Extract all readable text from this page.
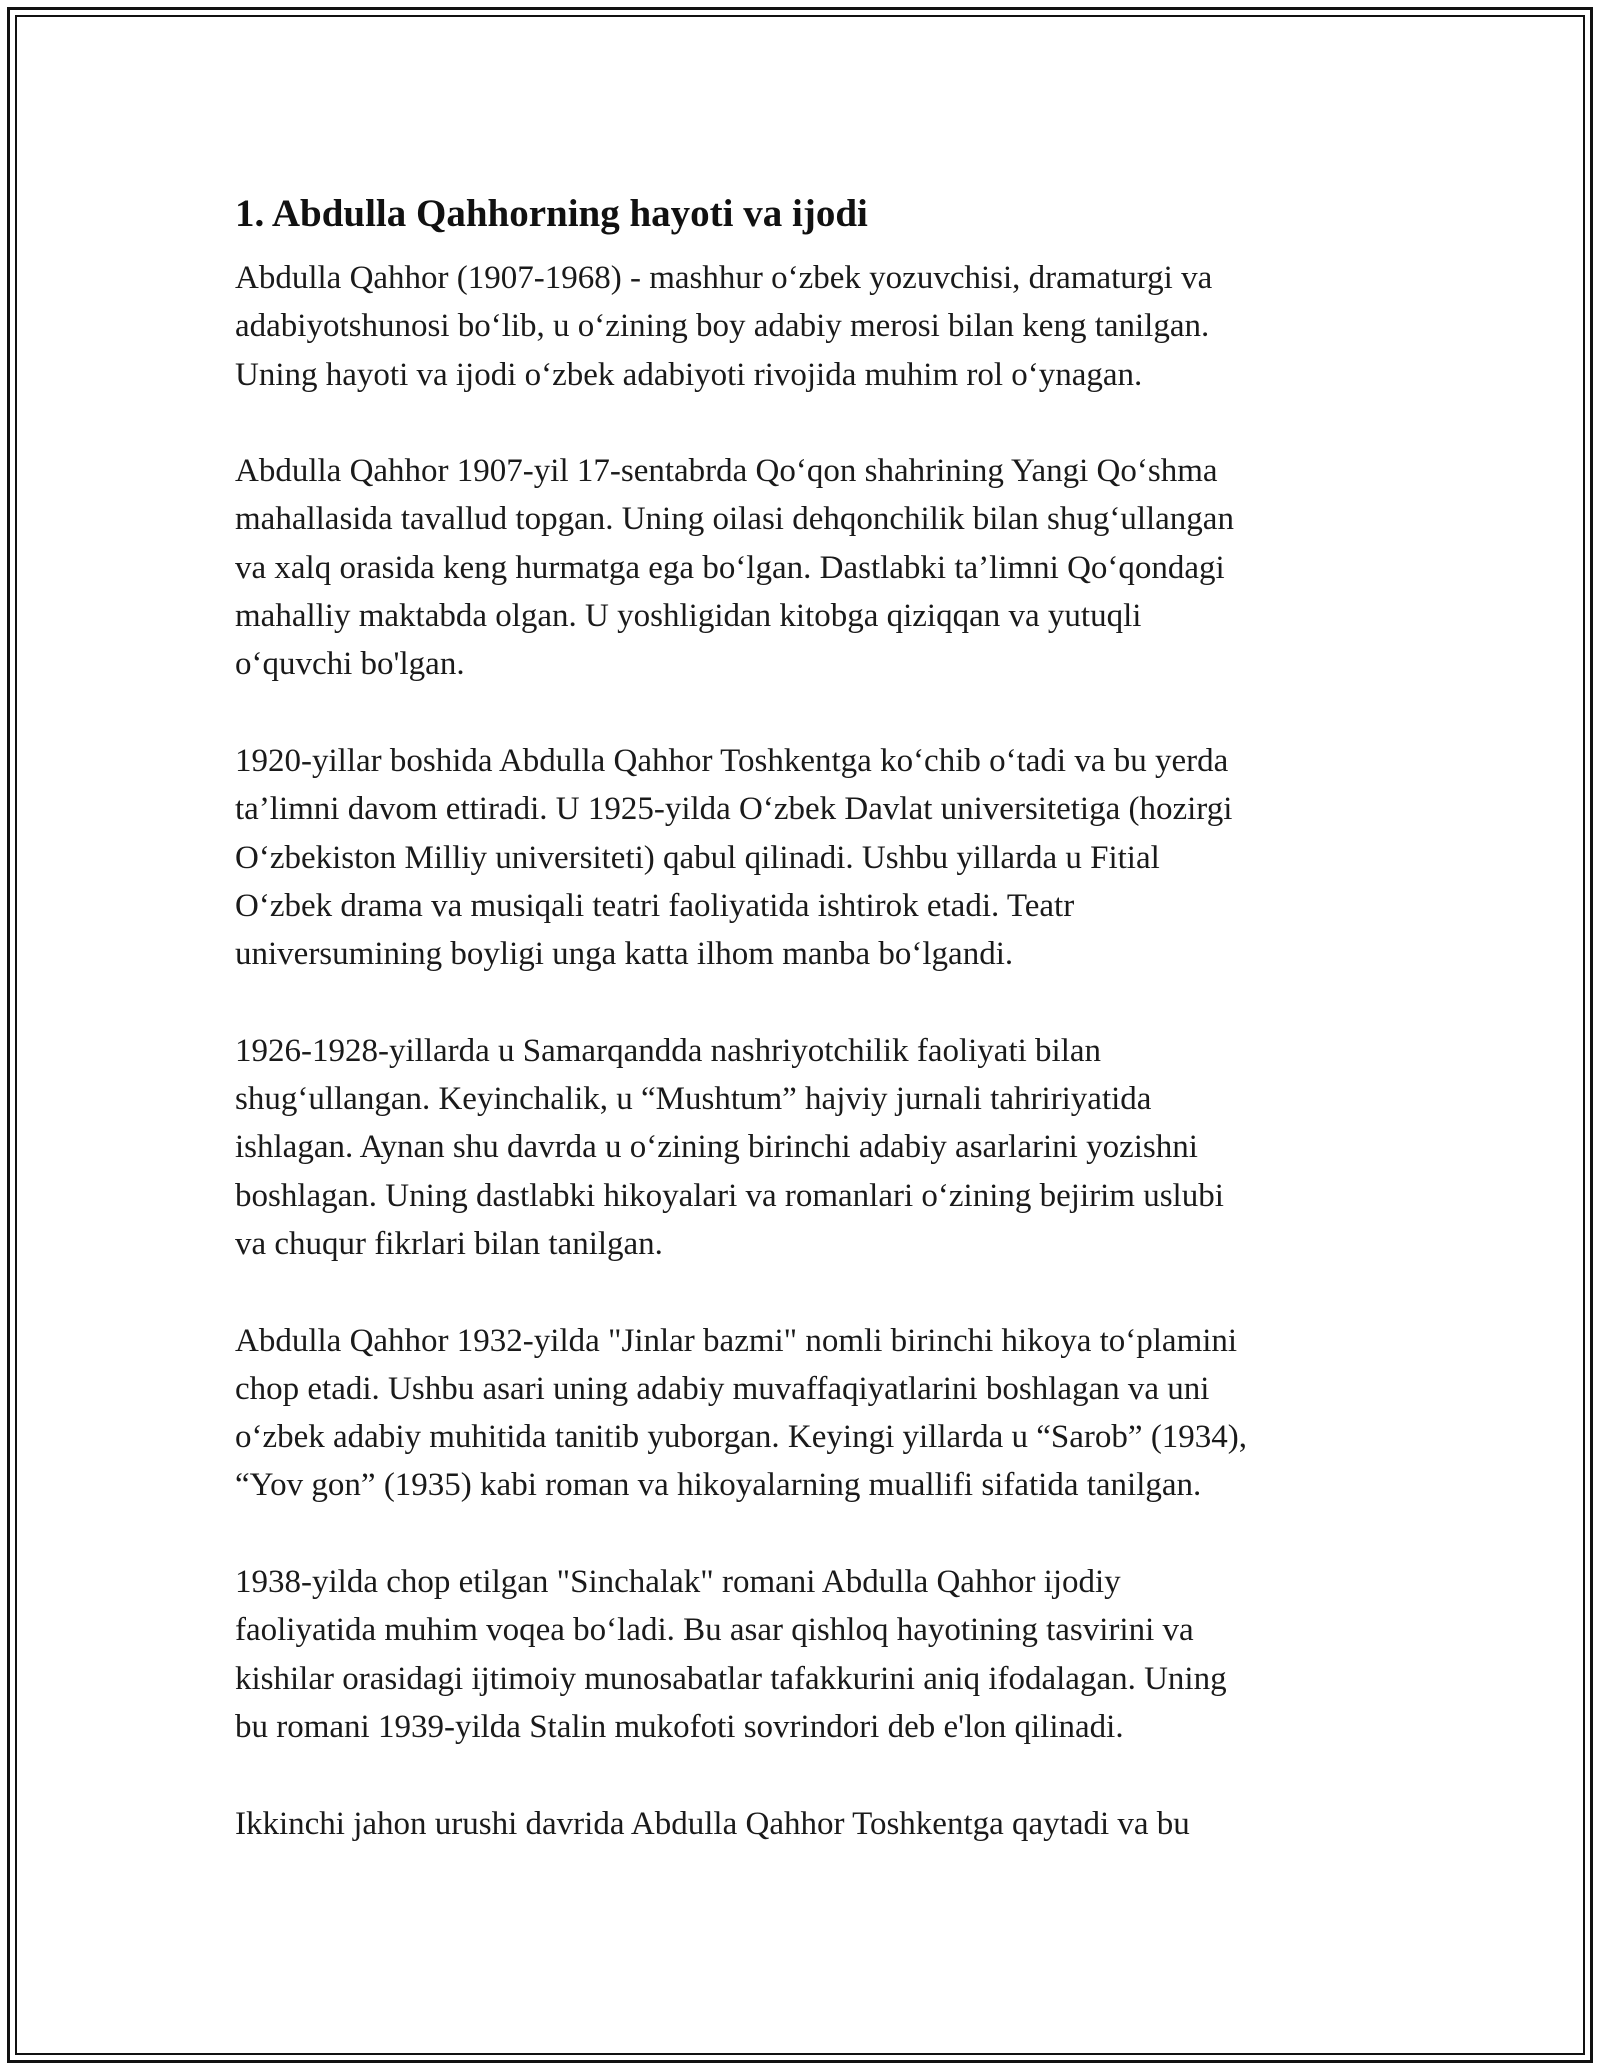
1. Abdulla Qahhorning hayoti va ijodi
Abdulla Qahhor (1907-1968) - mashhur o‘zbek yozuvchisi, dramaturgi va
adabiyotshunosi bo‘lib, u o‘zining boy adabiy merosi bilan keng tanilgan.
Uning hayoti va ijodi o‘zbek adabiyoti rivojida muhim rol o‘ynagan.
Abdulla Qahhor 1907-yil 17-sentabrda Qo‘qon shahrining Yangi Qo‘shma
mahallasida tavallud topgan. Uning oilasi dehqonchilik bilan shug‘ullangan
va xalq orasida keng hurmatga ega bo‘lgan. Dastlabki ta’limni Qo‘qondagi
mahalliy maktabda olgan. U yoshligidan kitobga qiziqqan va yutuqli
o‘quvchi bo'lgan.
1920-yillar boshida Abdulla Qahhor Toshkentga ko‘chib o‘tadi va bu yerda
ta’limni davom ettiradi. U 1925-yilda O‘zbek Davlat universitetiga (hozirgi
O‘zbekiston Milliy universiteti) qabul qilinadi. Ushbu yillarda u Fitial
O‘zbek drama va musiqali teatri faoliyatida ishtirok etadi. Teatr
universumining boyligi unga katta ilhom manba bo‘lgandi.
1926-1928-yillarda u Samarqandda nashriyotchilik faoliyati bilan
shug‘ullangan. Keyinchalik, u “Mushtum” hajviy jurnali tahririyatida
ishlagan. Aynan shu davrda u o‘zining birinchi adabiy asarlarini yozishni
boshlagan. Uning dastlabki hikoyalari va romanlari o‘zining bejirim uslubi
va chuqur fikrlari bilan tanilgan.
Abdulla Qahhor 1932-yilda "Jinlar bazmi" nomli birinchi hikoya to‘plamini
chop etadi. Ushbu asari uning adabiy muvaffaqiyatlarini boshlagan va uni
o‘zbek adabiy muhitida tanitib yuborgan. Keyingi yillarda u “Sarob” (1934),
“Yov gon” (1935) kabi roman va hikoyalarning muallifi sifatida tanilgan.
1938-yilda chop etilgan "Sinchalak" romani Abdulla Qahhor ijodiy
faoliyatida muhim voqea bo‘ladi. Bu asar qishloq hayotining tasvirini va
kishilar orasidagi ijtimoiy munosabatlar tafakkurini aniq ifodalagan. Uning
bu romani 1939-yilda Stalin mukofoti sovrindori deb e'lon qilinadi.
Ikkinchi jahon urushi davrida Abdulla Qahhor Toshkentga qaytadi va bu
